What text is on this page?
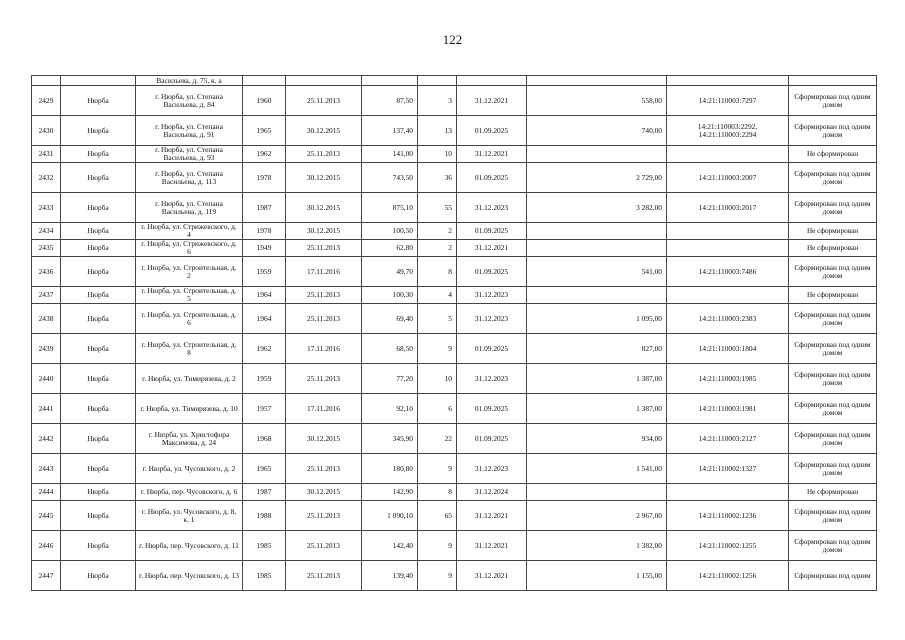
122
		Васильева, д. 75, к. а								
2429	Нюрба	г. Нюрба, ул. Степана Васильева, д. 84	1960	25.11.2013	87,50	3	31.12.2021	558,00	14:21:110003:7297	Сформирован под одним домом
2430	Нюрба	г. Нюрба, ул. Степана Васильева, д. 91	1965	30.12.2015	137,40	13	01.09.2025	740,00	14:21:110003:2292, 14:21:110003:2294	Сформирован под одним домом
2431	Нюрба	г. Нюрба, ул. Степана Васильева, д. 93	1962	25.11.2013	141,00	10	31.12.2021			Не сформирован
2432	Нюрба	г. Нюрба, ул. Степана Васильева, д. 113	1978	30.12.2015	743,50	36	01.09.2025	2 729,00	14:21:110003:2007	Сформирован под одним домом
2433	Нюрба	г. Нюрба, ул. Степана Васильева, д. 119	1987	30.12.2015	875,10	55	31.12.2023	3 282,00	14:21:110003:2017	Сформирован под одним домом
2434	Нюрба	г. Нюрба, ул. Стрижевского, д. 4	1978	30.12.2015	100,50	2	01.09.2025			Не сформирован
2435	Нюрба	г. Нюрба, ул. Стрижевского, д. 6	1949	25.11.2013	62,80	2	31.12.2021			Не сформирован
2436	Нюрба	г. Нюрба, ул. Строительная, д. 2	1959	17.11.2016	49,70	8	01.09.2025	541,00	14:21:110003:7486	Сформирован под одним домом
2437	Нюрба	г. Нюрба, ул. Строительная, д. 5	1964	25.11.2013	100,30	4	31.12.2023			Не сформирован
2438	Нюрба	г. Нюрба, ул. Строительная, д. 6	1964	25.11.2013	69,40	5	31.12.2023	1 095,00	14:21:110003:2383	Сформирован под одним домом
2439	Нюрба	г. Нюрба, ул. Строительная, д. 8	1962	17.11.2016	68,50	9	01.09.2025	827,00	14:21:110003:1804	Сформирован под одним домом
2440	Нюрба	г. Нюрба, ул. Тимирязева, д. 2	1959	25.11.2013	77,20	10	31.12.2023	1 387,00	14:21:110003:1985	Сформирован под одним домом
2441	Нюрба	г. Нюрба, ул. Тимирязева, д. 10	1957	17.11.2016	92,10	6	01.09.2025	1 387,00	14:21:110003:1981	Сформирован под одним домом
2442	Нюрба	г. Нюрба, ул. Христофора Максимова, д. 24	1968	30.12.2015	345,90	22	01.09.2025	934,00	14:21:110003:2127	Сформирован под одним домом
2443	Нюрба	г. Нюрба, ул. Чусовского, д. 2	1965	25.11.2013	180,80	9	31.12.2023	1 541,00	14:21:110002:1327	Сформирован под одним домом
2444	Нюрба	г. Нюрба, пер. Чусовского, д. 6	1987	30.12.2015	142,90	8	31.12.2024			Не сформирован
2445	Нюрба	г. Нюрба, ул. Чусовского, д. 8, к. 1	1988	25.11.2013	1 090,10	65	31.12.2021	2 967,00	14:21:110002:1236	Сформирован под одним домом
2446	Нюрба	г. Нюрба, пер. Чусовского, д. 11	1985	25.11.2013	142,40	9	31.12.2021	1 382,00	14:21:110002:1255	Сформирован под одним домом
2447	Нюрба	г. Нюрба, пер. Чусовского, д. 13	1985	25.11.2013	139,40	9	31.12.2021	1 155,00	14:21:110002:1256	Сформирован под одним
